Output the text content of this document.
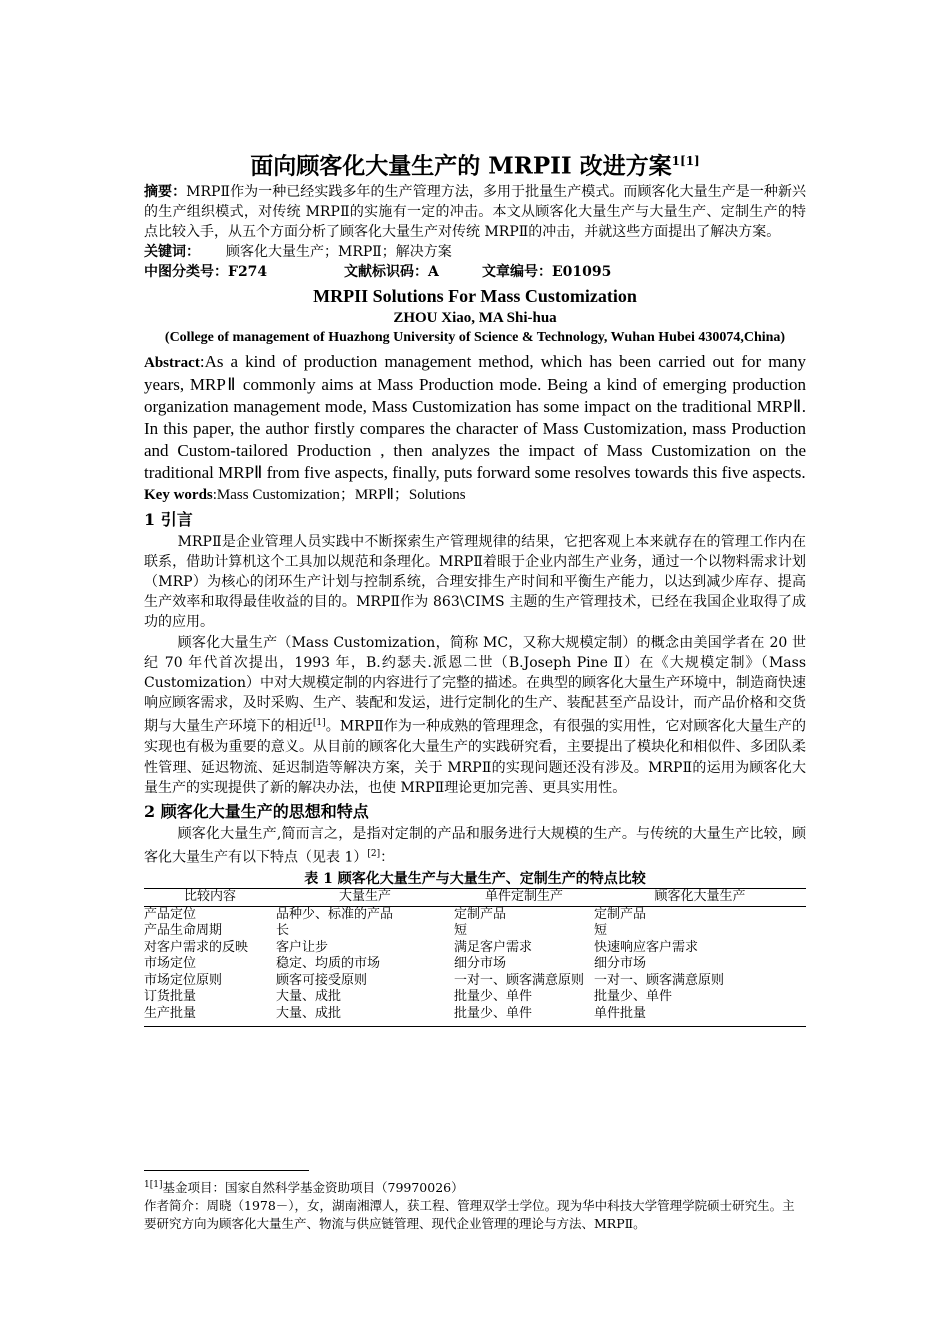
面向顾客化大量生产的 MRPII 改进方案$^{1[1]}$

摘要：MRPⅡ作为一种已经实践多年的生产管理方法，多用于批量生产模式。而顾客化大量生产是一种新兴的生产组织模式，对传统 MRPⅡ的实施有一定的冲击。本文从顾客化大量生产与大量生产、定制生产的特点比较入手，从五个方面分析了顾客化大量生产对传统 MRPⅡ的冲击，并就这些方面提出了解决方案。

关键词： 顾客化大量生产；MRPⅡ；解决方案

中图分类号：F274	文献标识码：A	文章编号：E01095

MRPII Solutions For Mass Customization

ZHOU Xiao, MA Shi-hua

(College of management of Huazhong University of Science & Technology, Wuhan Hubei 430074,China)

Abstract:As a kind of production management method, which has been carried out for many years, MRPⅡ commonly aims at Mass Production mode. Being a kind of emerging production organization management mode, Mass Customization has some impact on the traditional MRPⅡ. In this paper, the author firstly compares the character of Mass Customization, mass Production and Custom-tailored Production , then analyzes the impact of Mass Customization on the traditional MRPⅡ from five aspects, finally, puts forward some resolves towards this five aspects.

Key words:Mass Customization；MRPⅡ；Solutions

1 引言

MRPⅡ是企业管理人员实践中不断探索生产管理规律的结果，它把客观上本来就存在的管理工作内在联系，借助计算机这个工具加以规范和条理化。MRPⅡ着眼于企业内部生产业务，通过一个以物料需求计划（MRP）为核心的闭环生产计划与控制系统，合理安排生产时间和平衡生产能力，以达到减少库存、提高生产效率和取得最佳收益的目的。MRPⅡ作为 863\CIMS 主题的生产管理技术，已经在我国企业取得了成功的应用。

顾客化大量生产（Mass Customization，简称 MC，又称大规模定制）的概念由美国学者在 20 世纪 70 年代首次提出，1993 年，B.约瑟夫.派恩二世（B.Joseph Pine Ⅱ）在《大规模定制》（Mass Customization）中对大规模定制的内容进行了完整的描述。在典型的顾客化大量生产环境中，制造商快速响应顾客需求，及时采购、生产、装配和发运，进行定制化的生产、装配甚至产品设计，而产品价格和交货期与大量生产环境下的相近[1]。MRPⅡ作为一种成熟的管理理念，有很强的实用性，它对顾客化大量生产的实现也有极为重要的意义。从目前的顾客化大量生产的实践研究看，主要提出了模块化和相似件、多团队柔性管理、延迟物流、延迟制造等解决方案，关于 MRPⅡ的实现问题还没有涉及。MRPⅡ的运用为顾客化大量生产的实现提供了新的解决办法，也使 MRPⅡ理论更加完善、更具实用性。

2 顾客化大量生产的思想和特点

顾客化大量生产,简而言之，是指对定制的产品和服务进行大规模的生产。与传统的大量生产比较，顾客化大量生产有以下特点（见表 1）[2]：

表 1 顾客化大量生产与大量生产、定制生产的特点比较

比较内容	大量生产	单件定制生产	顾客化大量生产
产品定位	品种少、标准的产品	定制产品	定制产品
产品生命周期	长	短	短
对客户需求的反映	客户让步	满足客户需求	快速响应客户需求
市场定位	稳定、均质的市场	细分市场	细分市场
市场定位原则	顾客可接受原则	一对一、顾客满意原则	一对一、顾客满意原则
订货批量	大量、成批	批量少、单件	批量少、单件
生产批量	大量、成批	批量少、单件	单件批量

$^{1[1]}$基金项目：国家自然科学基金资助项目（79970026）

作者简介：周晓（1978－），女，湖南湘潭人，获工程、管理双学士学位。现为华中科技大学管理学院硕士研究生。主要研究方向为顾客化大量生产、物流与供应链管理、现代企业管理的理论与方法、MRPⅡ。
